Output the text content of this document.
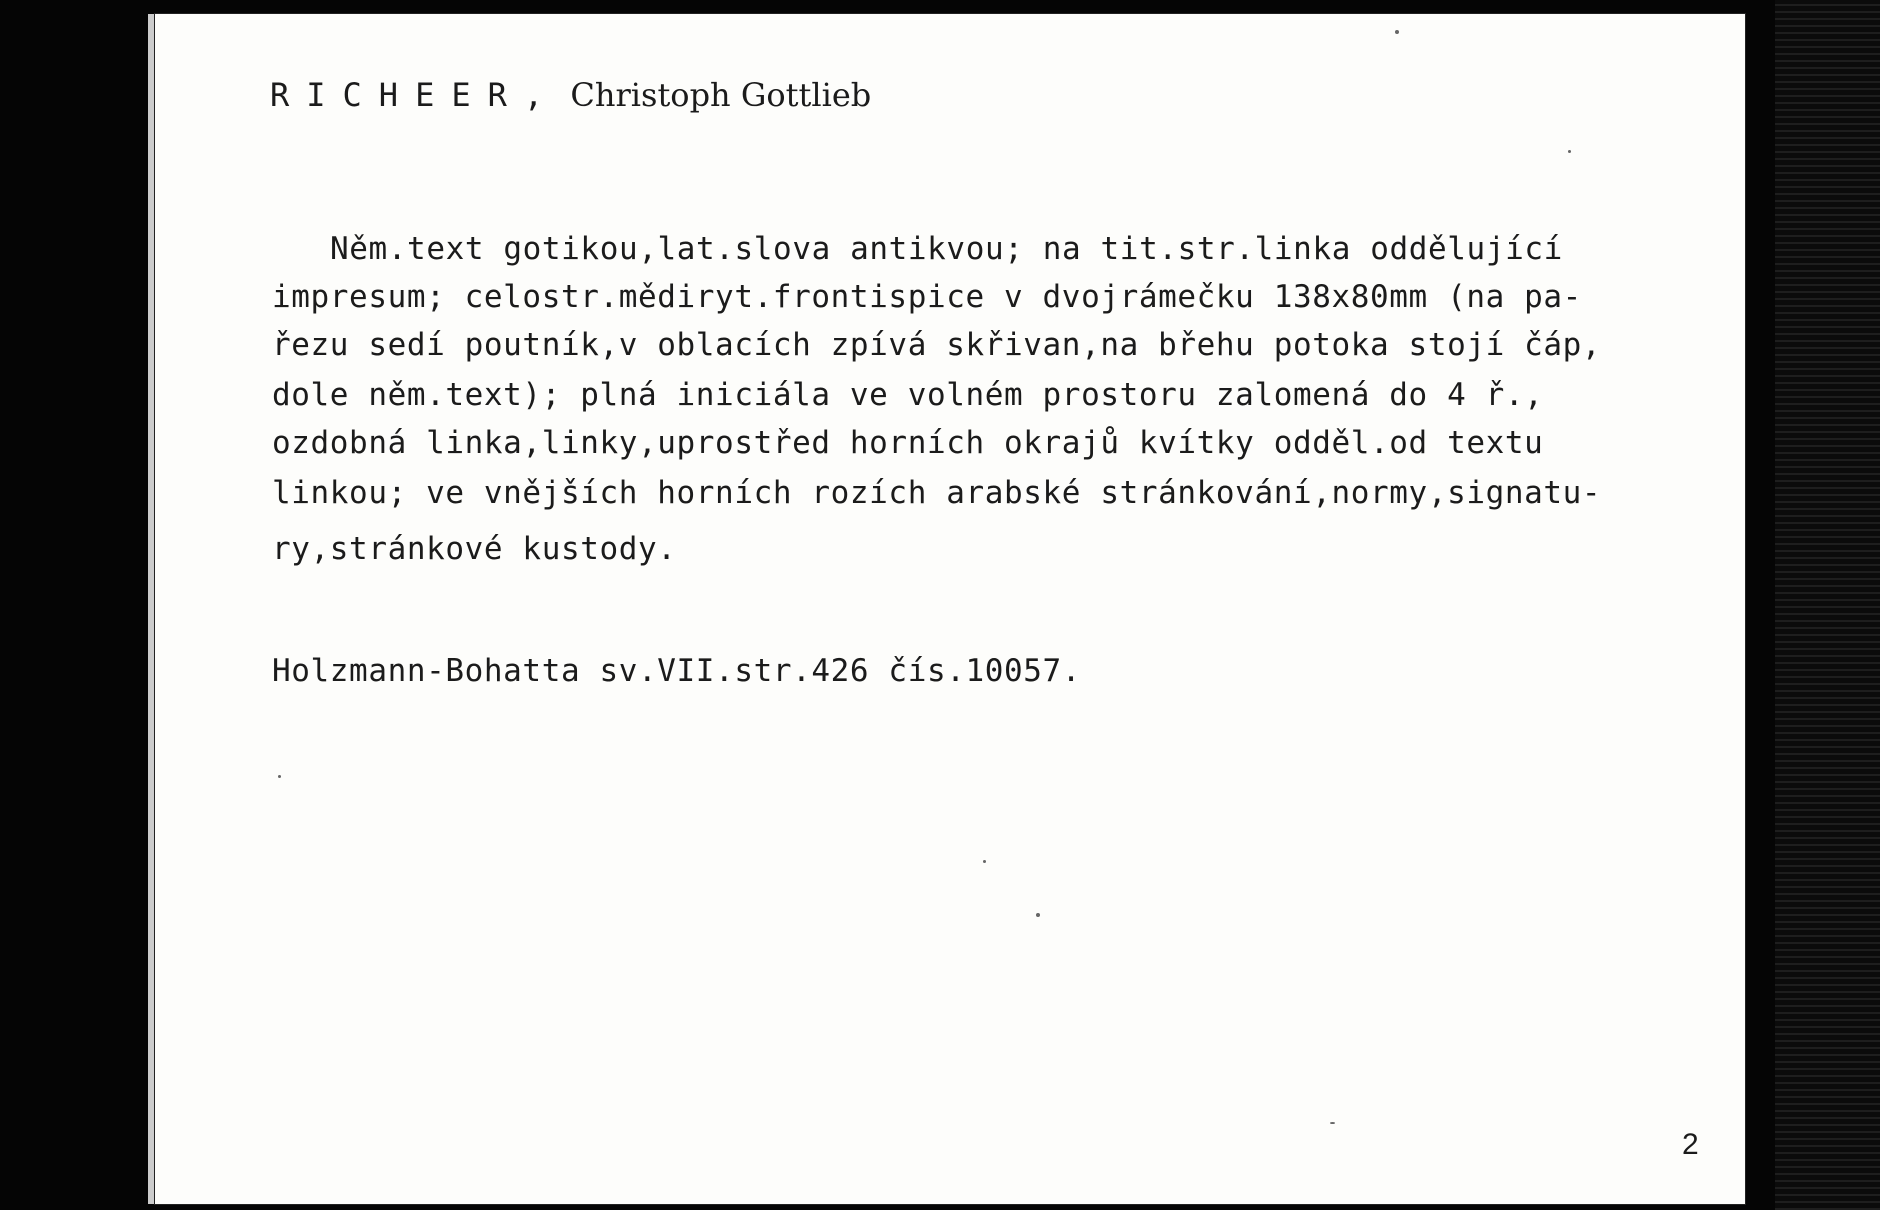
RICHEER, Christoph Gottlieb
Něm.text gotikou,lat.slova antikvou; na tit.str.linka oddělující
impresum; celostr.mědiryt.frontispice v dvojrámečku 138x80mm (na pa-
řezu sedí poutník,v oblacích zpívá skřivan,na břehu potoka stojí čáp,
dole něm.text); plná iniciála ve volném prostoru zalomená do 4 ř.,
ozdobná linka,linky,uprostřed horních okrajů kvítky odděl.od textu
linkou; ve vnějších horních rozích arabské stránkování,normy,signatu-
ry,stránkové kustody.
Holzmann-Bohatta sv.VII.str.426 čís.10057.
2
